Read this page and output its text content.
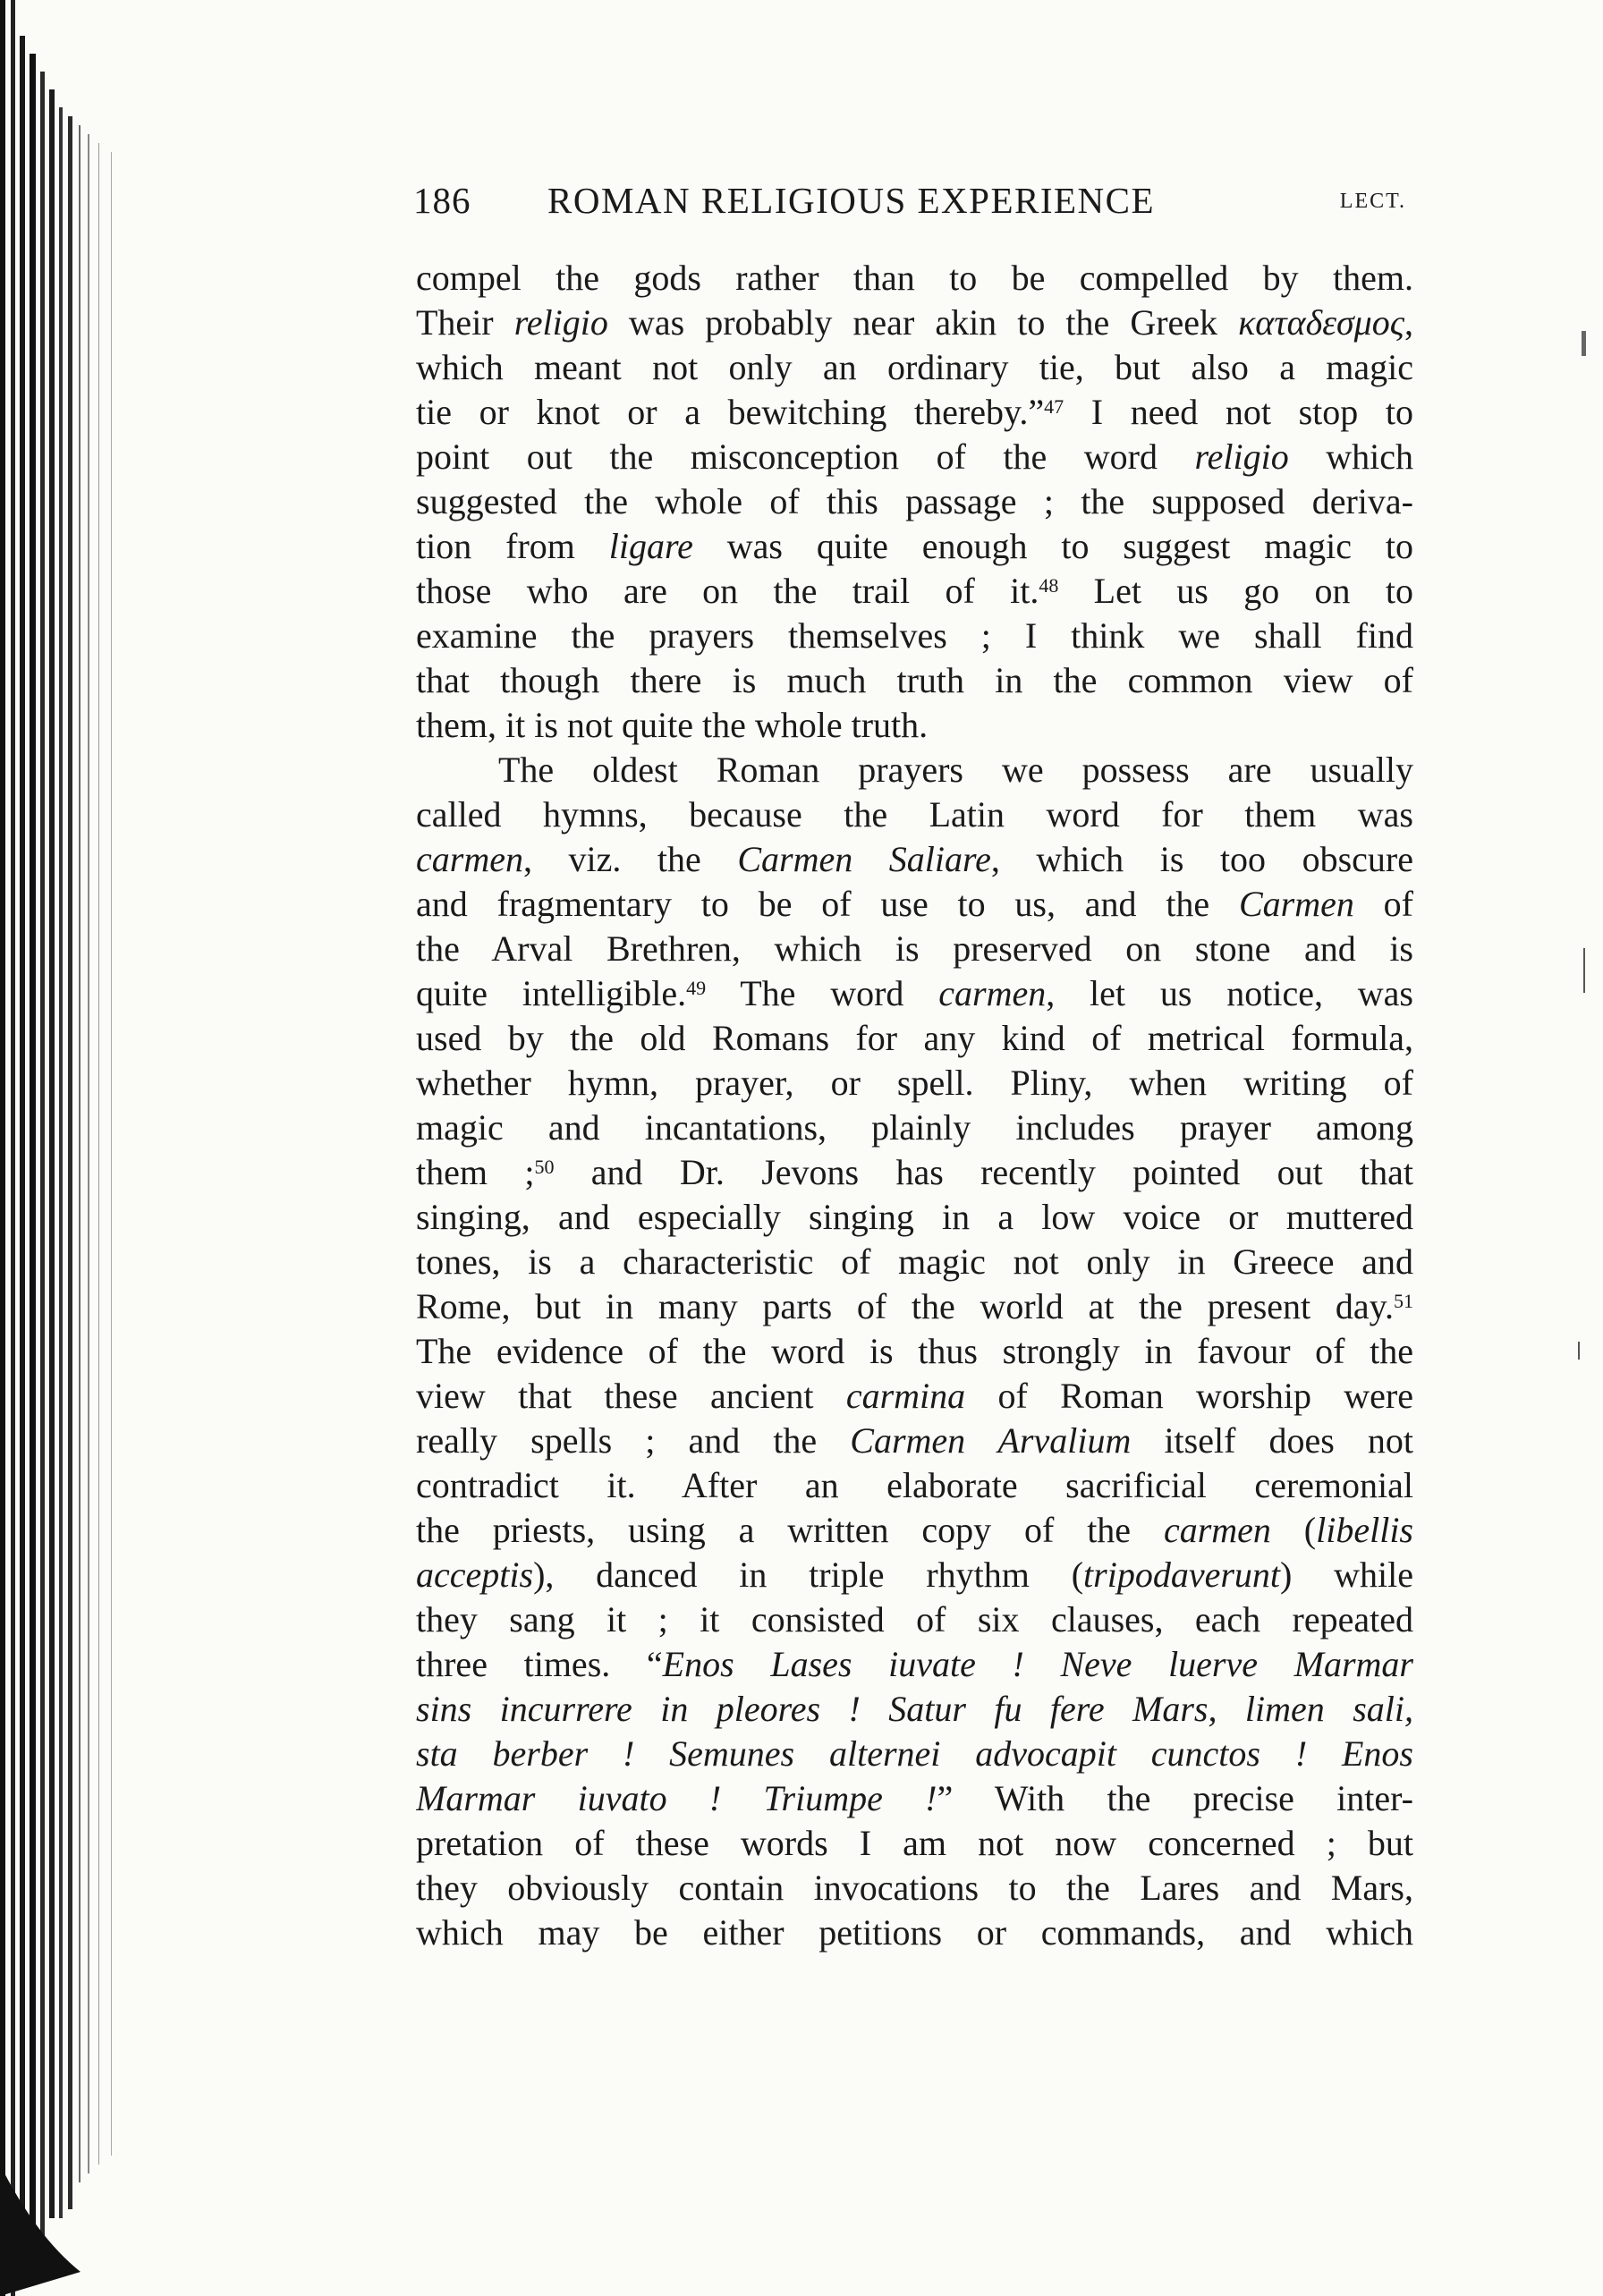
186 ROMAN RELIGIOUS EXPERIENCE	LECT.
compel the gods rather than to be compelled by them.
Their religio was probably near akin to the Greek καταδεσμος,
which meant not only an ordinary tie, but also a magic
tie or knot or a bewitching thereby.”$^{47}$ I need not stop to
point out the misconception of the word religio which
suggested the whole of this passage ; the supposed deriva-
tion from ligare was quite enough to suggest magic to
those who are on the trail of it.$^{48}$ Let us go on to
examine the prayers themselves ; I think we shall find
that though there is much truth in the common view of
them, it is not quite the whole truth.
The oldest Roman prayers we possess are usually
called hymns, because the Latin word for them was
carmen, viz. the Carmen Saliare, which is too obscure
and fragmentary to be of use to us, and the Carmen of
the Arval Brethren, which is preserved on stone and is
quite intelligible.$^{49}$ The word carmen, let us notice, was
used by the old Romans for any kind of metrical formula,
whether hymn, prayer, or spell. Pliny, when writing of
magic and incantations, plainly includes prayer among
them ;$^{50}$ and Dr. Jevons has recently pointed out that
singing, and especially singing in a low voice or muttered
tones, is a characteristic of magic not only in Greece and
Rome, but in many parts of the world at the present day.$^{51}$
The evidence of the word is thus strongly in favour of the
view that these ancient carmina of Roman worship were
really spells ; and the Carmen Arvalium itself does not
contradict it. After an elaborate sacrificial ceremonial
the priests, using a written copy of the carmen (libellis
acceptis), danced in triple rhythm (tripodaverunt) while
they sang it ; it consisted of six clauses, each repeated
three times. “Enos Lases iuvate ! Neve luerve Marmar
sins incurrere in pleores ! Satur fu fere Mars, limen sali,
sta berber ! Semunes alternei advocapit cunctos ! Enos
Marmar iuvato ! Triumpe !” With the precise inter-
pretation of these words I am not now concerned ; but
they obviously contain invocations to the Lares and Mars,
which may be either petitions or commands, and which
